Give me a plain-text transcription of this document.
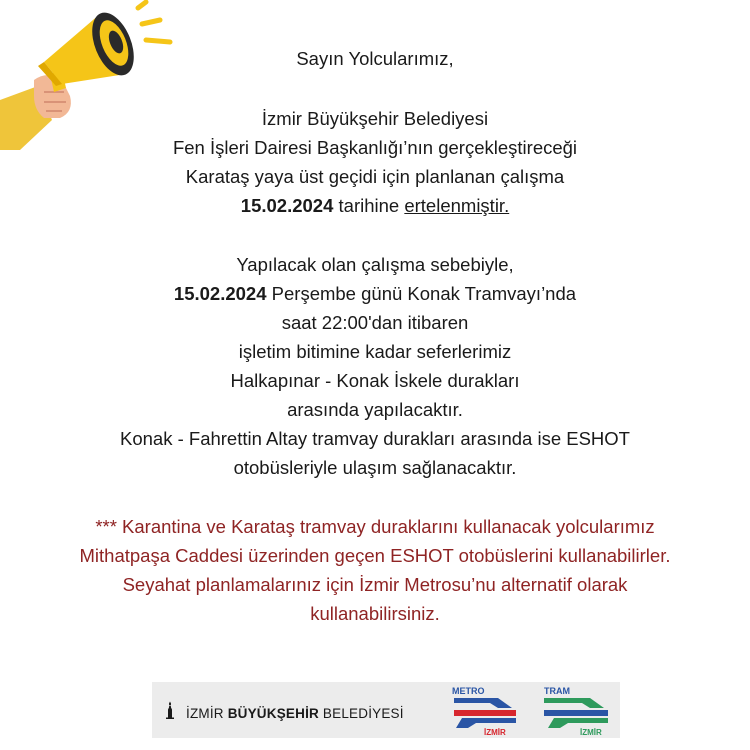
Sayın Yolcularımız,
İzmir Büyükşehir Belediyesi
Fen İşleri Dairesi Başkanlığı’nın gerçekleştireceği
Karataş yaya üst geçidi için planlanan çalışma
15.02.2024 tarihine ertelenmiştir.
Yapılacak olan çalışma sebebiyle,
15.02.2024 Perşembe günü Konak Tramvayı’nda
saat 22:00'dan itibaren
işletim bitimine kadar seferlerimiz
Halkapınar - Konak İskele durakları
arasında yapılacaktır.
Konak - Fahrettin Altay tramvay durakları arasında ise ESHOT
otobüsleriyle ulaşım sağlanacaktır.
*** Karantina ve Karataş tramvay duraklarını kullanacak yolcularımız
Mithatpaşa Caddesi üzerinden geçen ESHOT otobüslerini kullanabilirler.
Seyahat planlamalarınız için İzmir Metrosu’nu alternatif olarak
kullanabilirsiniz.
İZMİR BÜYÜKŞEHİR BELEDİYESİ
METRO
İZMİR
TRAM
İZMİR
